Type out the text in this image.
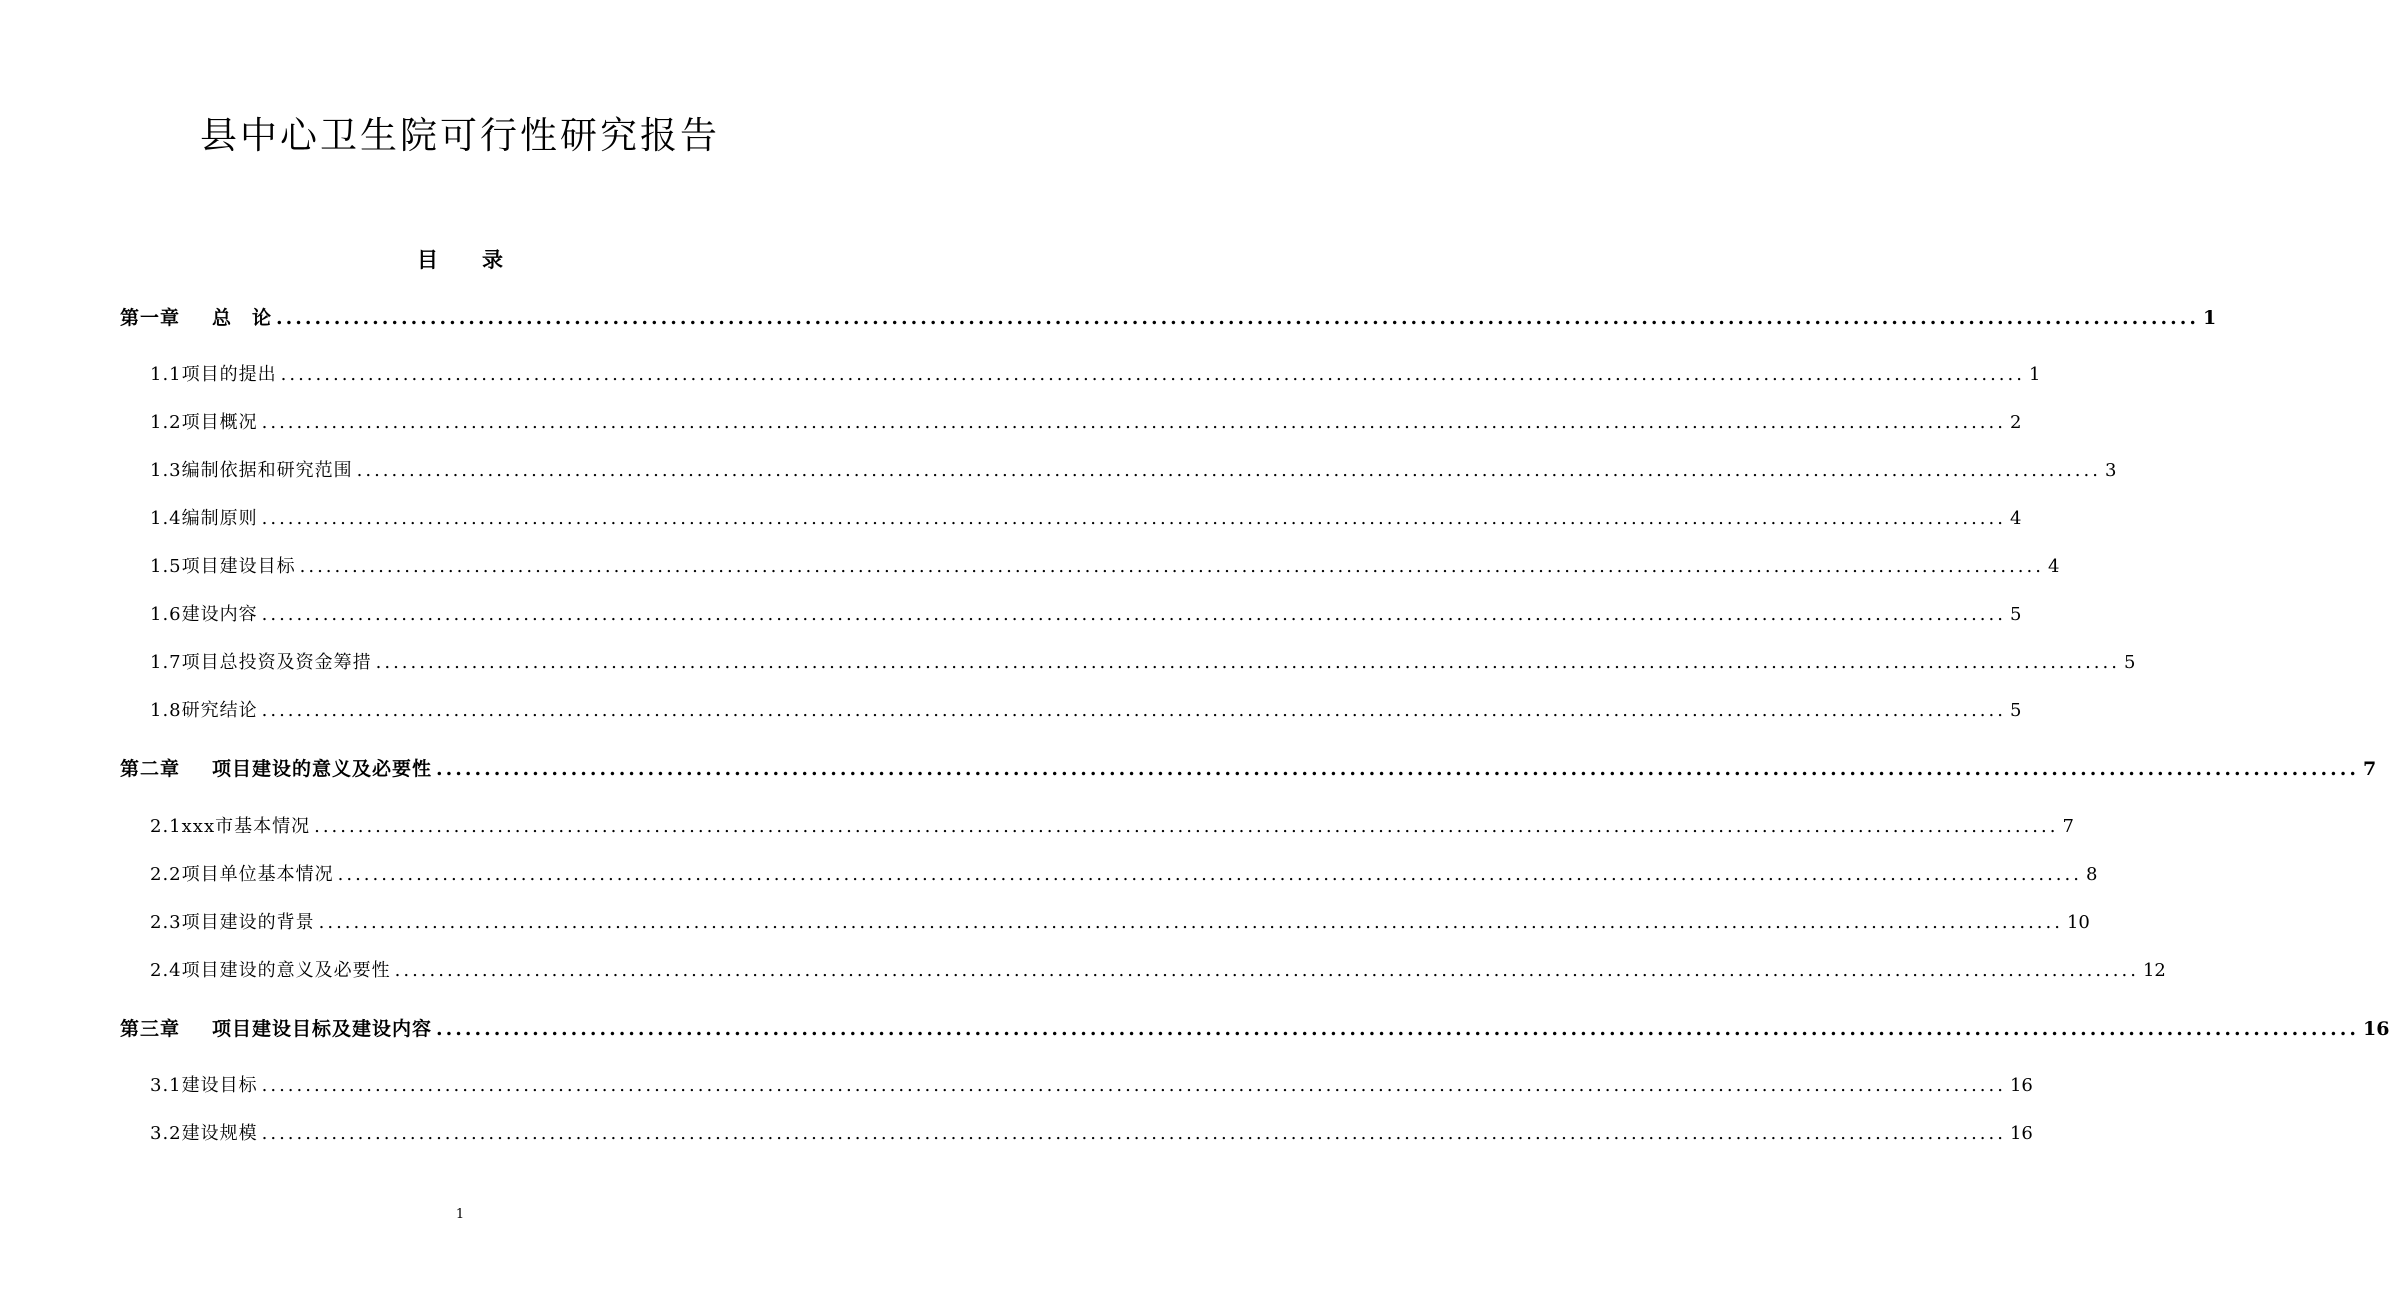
县中心卫生院可行性研究报告
目录
第一章 总　论 ........................................................................................................................................................................................................ 1
1.1项目的提出 ........................................................................................................................................................................................................ 1
1.2项目概况 ........................................................................................................................................................................................................ 2
1.3编制依据和研究范围 ........................................................................................................................................................................................................ 3
1.4编制原则 ........................................................................................................................................................................................................ 4
1.5项目建设目标 ........................................................................................................................................................................................................ 4
1.6建设内容 ........................................................................................................................................................................................................ 5
1.7项目总投资及资金筹措 ........................................................................................................................................................................................................ 5
1.8研究结论 ........................................................................................................................................................................................................ 5
第二章 项目建设的意义及必要性 ........................................................................................................................................................................................................ 7
2.1xxx市基本情况 ........................................................................................................................................................................................................ 7
2.2项目单位基本情况 ........................................................................................................................................................................................................ 8
2.3项目建设的背景 ........................................................................................................................................................................................................ 10
2.4项目建设的意义及必要性 ........................................................................................................................................................................................................ 12
第三章 项目建设目标及建设内容 ........................................................................................................................................................................................................ 16
3.1建设目标 ........................................................................................................................................................................................................ 16
3.2建设规模 ........................................................................................................................................................................................................ 16
1
